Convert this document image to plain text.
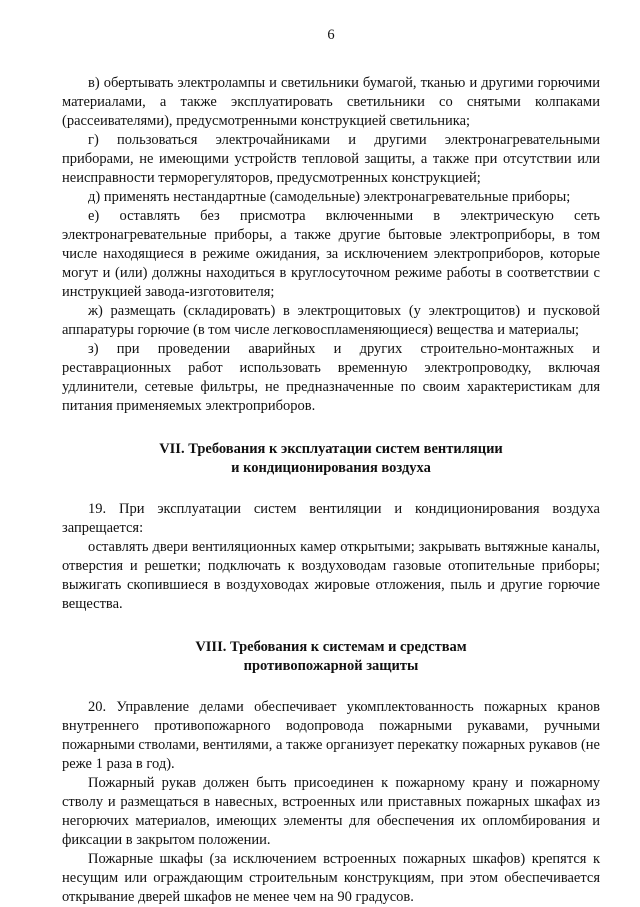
6

в) обертывать электролампы и светильники бумагой, тканью и другими горючими материалами, а также эксплуатировать светильники со снятыми колпаками (рассеивателями), предусмотренными конструкцией светильника;

г) пользоваться электрочайниками и другими электронагревательными приборами, не имеющими устройств тепловой защиты, а также при отсутствии или неисправности терморегуляторов, предусмотренных конструкцией;

д) применять нестандартные (самодельные) электронагревательные приборы;

е) оставлять без присмотра включенными в электрическую сеть электронагревательные приборы, а также другие бытовые электроприборы, в том числе находящиеся в режиме ожидания, за исключением электроприборов, которые могут и (или) должны находиться в круглосуточном режиме работы в соответствии с инструкцией завода-изготовителя;

ж) размещать (складировать) в электрощитовых (у электрощитов) и пусковой аппаратуры горючие (в том числе легковоспламеняющиеся) вещества и материалы;

з) при проведении аварийных и других строительно-монтажных и реставрационных работ использовать временную электропроводку, включая удлинители, сетевые фильтры, не предназначенные по своим характеристикам для питания применяемых электроприборов.

VII. Требования к эксплуатации систем вентиляции
и кондиционирования воздуха

19. При эксплуатации систем вентиляции и кондиционирования воздуха запрещается:

оставлять двери вентиляционных камер открытыми; закрывать вытяжные каналы, отверстия и решетки; подключать к воздуховодам газовые отопительные приборы; выжигать скопившиеся в воздуховодах жировые отложения, пыль и другие горючие вещества.

VIII. Требования к системам и средствам
противопожарной защиты

20. Управление делами обеспечивает укомплектованность пожарных кранов внутреннего противопожарного водопровода пожарными рукавами, ручными пожарными стволами, вентилями, а также организует перекатку пожарных рукавов (не реже 1 раза в год).

Пожарный рукав должен быть присоединен к пожарному крану и пожарному стволу и размещаться в навесных, встроенных или приставных пожарных шкафах из негорючих материалов, имеющих элементы для обеспечения их опломбирования и фиксации в закрытом положении.

Пожарные шкафы (за исключением встроенных пожарных шкафов) крепятся к несущим или ограждающим строительным конструкциям, при этом обеспечивается открывание дверей шкафов не менее чем на 90 градусов.
